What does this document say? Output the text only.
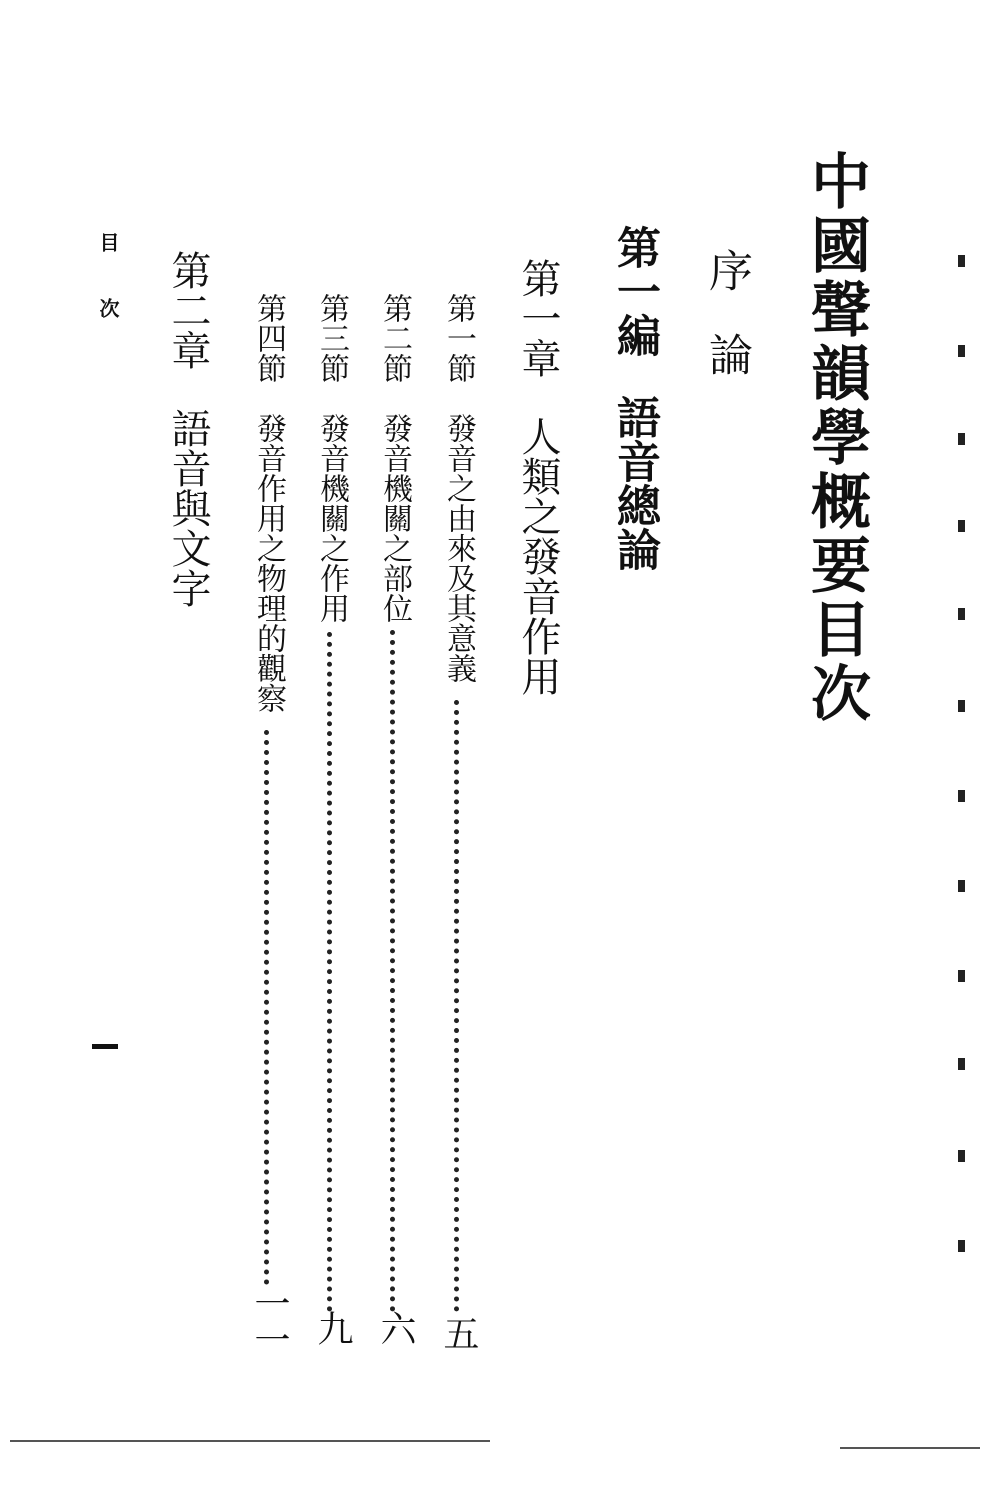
中國聲韻學概要目次
序論
第一編語音總論
第一章人類之發音作用
第一節發音之由來及其意義
五
第二節發音機關之部位
六
第三節發音機關之作用
九
第四節發音作用之物理的觀察
一一
第二章語音與文字
目次
